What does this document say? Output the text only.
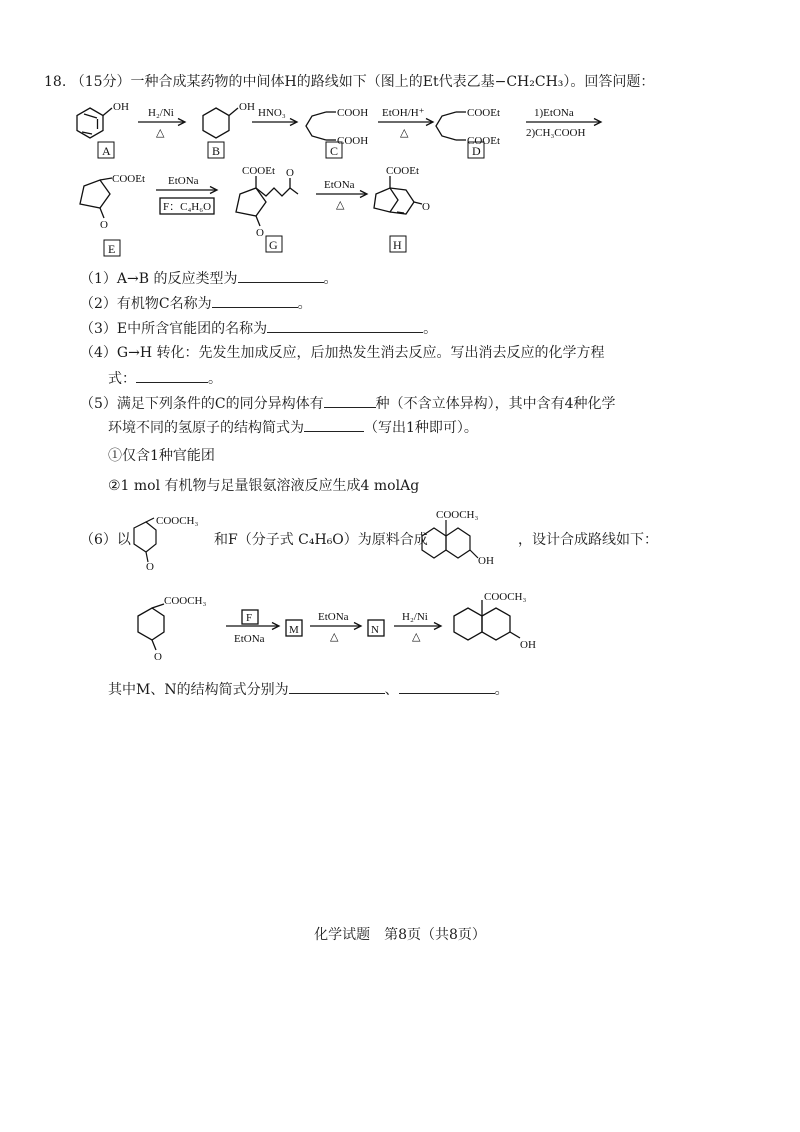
18. （15分）一种合成某药物的中间体H的路线如下（图上的Et代表乙基−CH₂CH₃）。回答问题：
OH H₂/Ni
△
OH HNO₃	COOH
COOH
EtOH/H⁺
△
COOEt
COOEt
1)EtONa
2)CH₃COOH
A	B	C	D
COOEt
O
EtONa
F：C₄H₆O
COOEt O
O
EtONa
△
COOEt
O
E	G	H
（1）A→B 的反应类型为	。
（2）有机物C名称为	。
（3）E中所含官能团的名称为	。
（4）G→H 转化：先发生加成反应，后加热发生消去反应。写出消去反应的化学方程
式：	。
（5）满足下列条件的C的同分异构体有	种（不含立体异构），其中含有4种化学
环境不同的氢原子的结构简式为	（写出1种即可）。
①仅含1种官能团
②1 mol 有机物与足量银氨溶液反应生成4 molAg
（6）以
COOCH₃
O
和F（分子式 C₄H₆O）为原料合成
COOCH₃
OH
，设计合成路线如下：
COOCH₃
O
F
EtONa
M
EtONa
△
N
H₂/Ni
△
COOCH₃
OH
其中M、N的结构简式分别为	、	。
化学试题　第8页（共8页）
